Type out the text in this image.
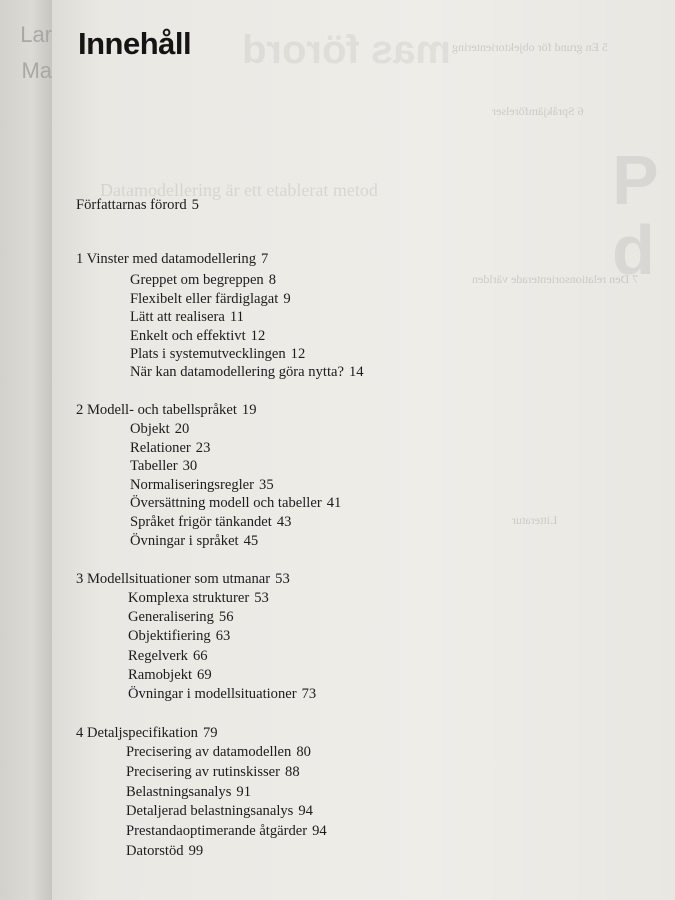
Lar
Ma	mas förord 5 En grund för objektorientering
6 Språkjämförelser
Datamodellering är ett etablerat metod
7 Den relationsorienterade världen
Litteratur
P
d
Innehåll
Författarnas förord 5
1 Vinster med datamodellering 7
Greppet om begreppen 8
Flexibelt eller färdiglagat 9
Lätt att realisera 11
Enkelt och effektivt 12
Plats i systemutvecklingen 12
När kan datamodellering göra nytta? 14
2 Modell- och tabellspråket 19
Objekt 20
Relationer 23
Tabeller 30
Normaliseringsregler 35
Översättning modell och tabeller 41
Språket frigör tänkandet 43
Övningar i språket 45
3 Modellsituationer som utmanar 53
Komplexa strukturer 53
Generalisering 56
Objektifiering 63
Regelverk 66
Ramobjekt 69
Övningar i modellsituationer 73
4 Detaljspecifikation 79
Precisering av datamodellen 80
Precisering av rutinskisser 88
Belastningsanalys 91
Detaljerad belastningsanalys 94
Prestandaoptimerande åtgärder 94
Datorstöd 99
